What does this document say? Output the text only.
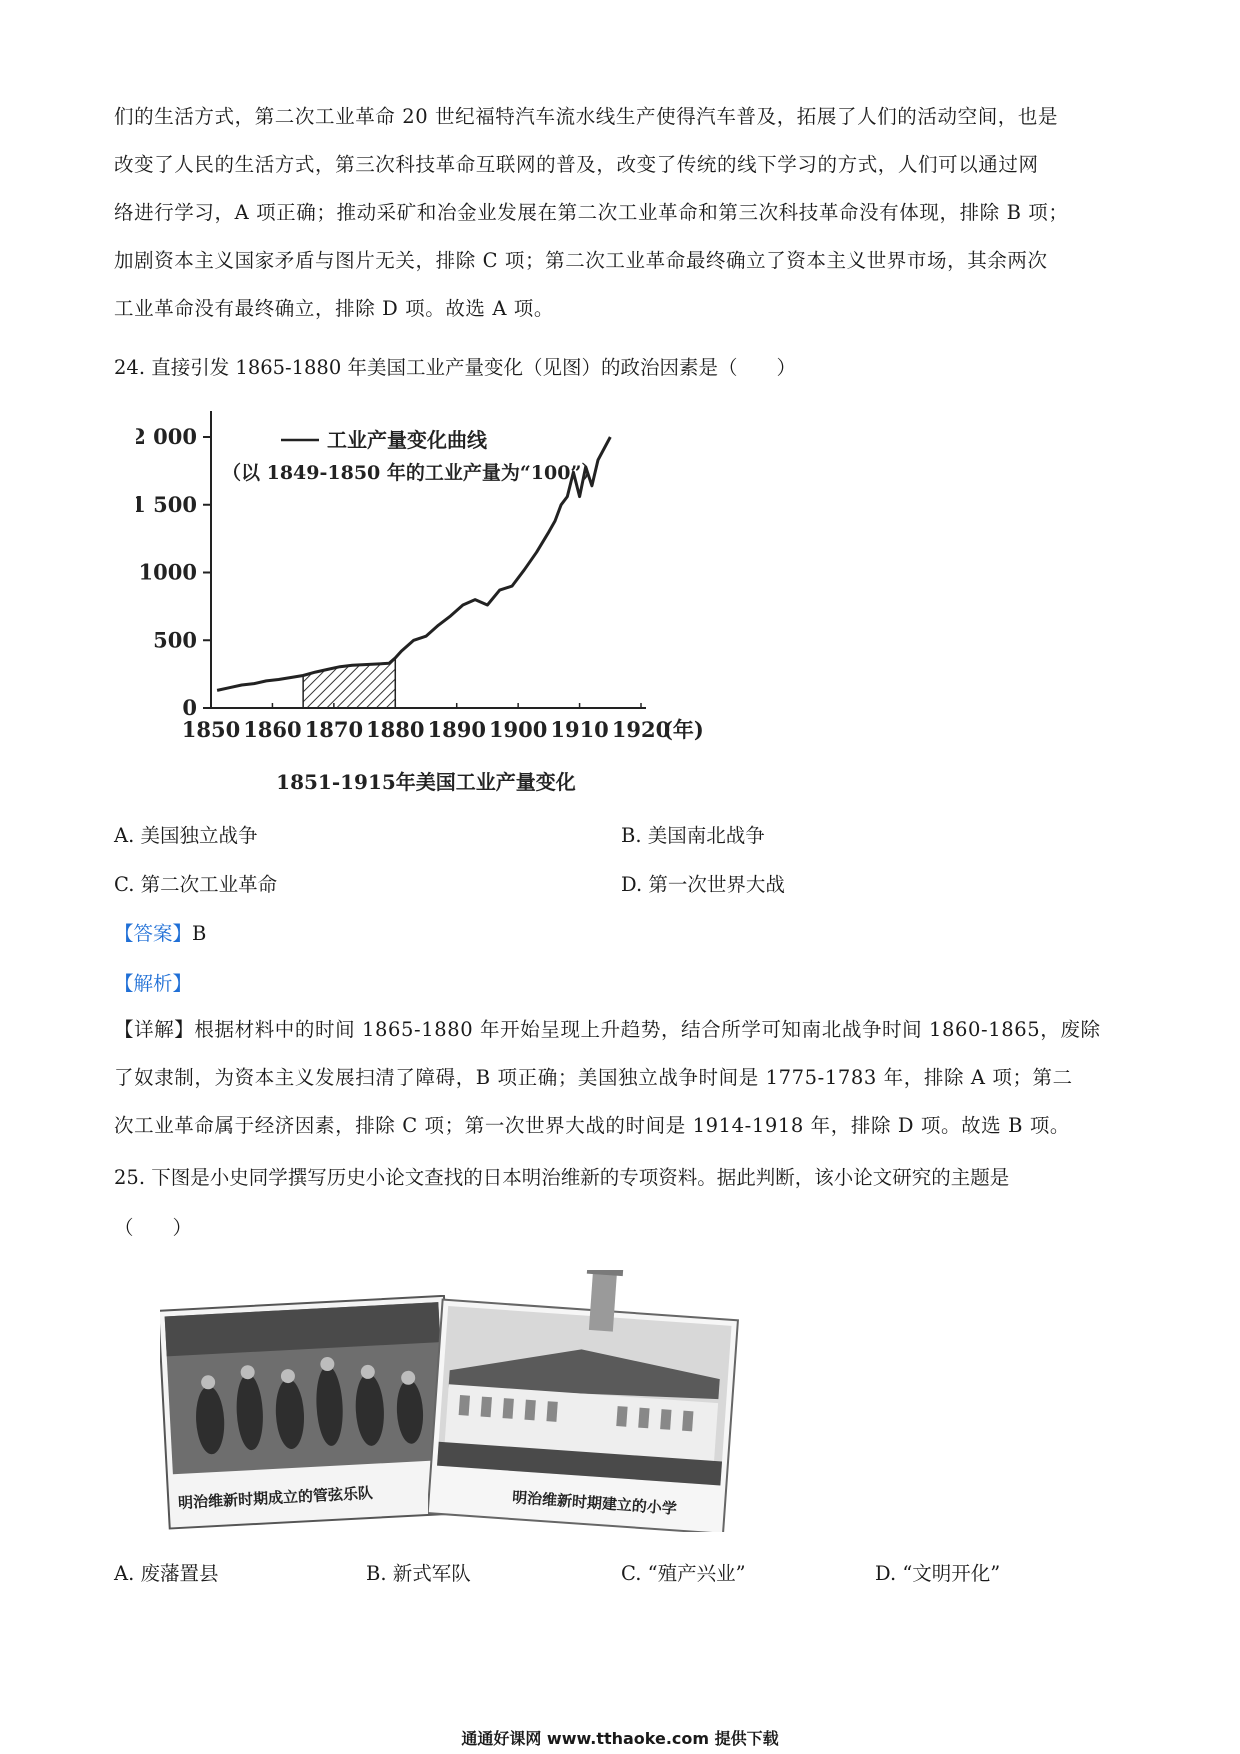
们的生活方式，第二次工业革命 20 世纪福特汽车流水线生产使得汽车普及，拓展了人们的活动空间，也是
改变了人民的生活方式，第三次科技革命互联网的普及，改变了传统的线下学习的方式，人们可以通过网
络进行学习，A 项正确；推动采矿和冶金业发展在第二次工业革命和第三次科技革命没有体现，排除 B 项；
加剧资本主义国家矛盾与图片无关，排除 C 项；第二次工业革命最终确立了资本主义世界市场，其余两次
工业革命没有最终确立，排除 D 项。故选 A 项。
24. 直接引发 1865-1880 年美国工业产量变化（见图）的政治因素是（　　）
0
500
1000
1 500
2 000
1850 1860 1870 1880 1890 1900 1910 1920
(年)
工业产量变化曲线
（以 1849-1850 年的工业产量为“100”）
1851-1915年美国工业产量变化
A. 美国独立战争	B. 美国南北战争
C. 第二次工业革命	D. 第一次世界大战
【答案】B
【解析】
【详解】根据材料中的时间 1865-1880 年开始呈现上升趋势，结合所学可知南北战争时间 1860-1865，废除
了奴隶制，为资本主义发展扫清了障碍，B 项正确；美国独立战争时间是 1775-1783 年，排除 A 项；第二
次工业革命属于经济因素，排除 C 项；第一次世界大战的时间是 1914-1918 年，排除 D 项。故选 B 项。
25. 下图是小史同学撰写历史小论文查找的日本明治维新的专项资料。据此判断，该小论文研究的主题是
（　　）
明治维新时期成立的管弦乐队	明治维新时期建立的小学
A. 废藩置县	B. 新式军队	C. “殖产兴业”	D. “文明开化”
通通好课网 www.tthaoke.com 提供下载
